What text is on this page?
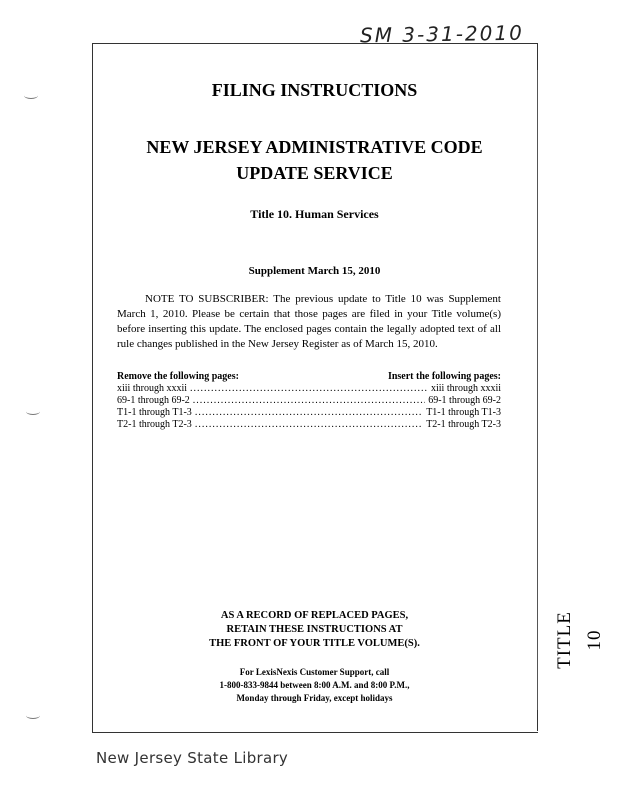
SM 3-31-2010
TITLE 10
FILING INSTRUCTIONS
NEW JERSEY ADMINISTRATIVE CODE
UPDATE SERVICE
Title 10. Human Services
Supplement March 15, 2010
NOTE TO SUBSCRIBER: The previous update to Title 10 was Supplement March 1, 2010. Please be certain that those pages are filed in your Title volume(s) before inserting this update. The enclosed pages contain the legally adopted text of all rule changes published in the New Jersey Register as of March 15, 2010.
Remove the following pages:	Insert the following pages:
xiii through xxxii .....	xiii through xxxii
69-1 through 69-2 .....	69-1 through 69-2
T1-1 through T1-3 .....	T1-1 through T1-3
T2-1 through T2-3 .....	T2-1 through T2-3
AS A RECORD OF REPLACED PAGES,
RETAIN THESE INSTRUCTIONS AT
THE FRONT OF YOUR TITLE VOLUME(S).
For LexisNexis Customer Support, call
1-800-833-9844 between 8:00 A.M. and 8:00 P.M.,
Monday through Friday, except holidays
New Jersey State Library
